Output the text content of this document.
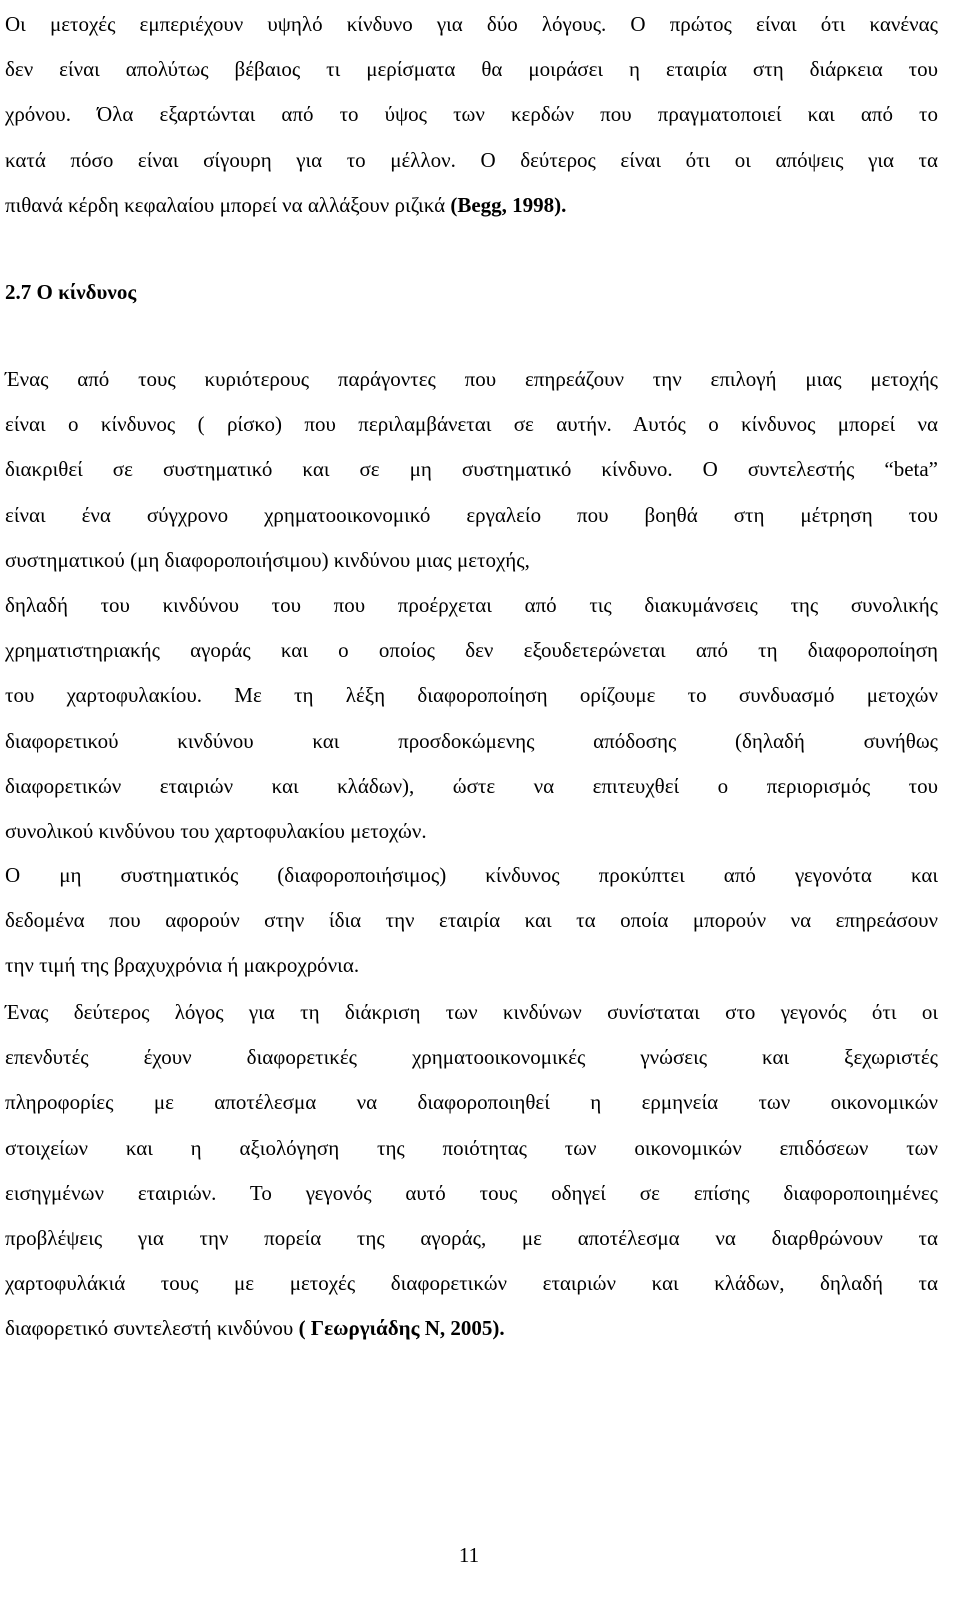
Οι μετοχές εμπεριέχουν υψηλό κίνδυνο για δύο λόγους. Ο πρώτος είναι ότι κανένας
δεν είναι απολύτως βέβαιος τι μερίσματα θα μοιράσει η εταιρία στη διάρκεια του
χρόνου. Όλα εξαρτώνται από το ύψος των κερδών που πραγματοποιεί και από το
κατά πόσο είναι σίγουρη για το μέλλον. Ο δεύτερος είναι ότι οι απόψεις για τα
πιθανά κέρδη κεφαλαίου μπορεί να αλλάξουν ριζικά (Begg, 1998).
2.7 Ο κίνδυνος
Ένας από τους κυριότερους παράγοντες που επηρεάζουν την επιλογή μιας μετοχής
είναι ο κίνδυνος ( ρίσκο) που περιλαμβάνεται σε αυτήν. Αυτός ο κίνδυνος μπορεί να
διακριθεί σε συστηματικό και σε μη συστηματικό κίνδυνο. Ο συντελεστής “beta”
είναι ένα σύγχρονο χρηματοοικονομικό εργαλείο που βοηθά στη μέτρηση του
συστηματικού (μη διαφοροποιήσιμου) κινδύνου μιας μετοχής,
δηλαδή του κινδύνου του που προέρχεται από τις διακυμάνσεις της συνολικής
χρηματιστηριακής αγοράς και ο οποίος δεν εξουδετερώνεται από τη διαφοροποίηση
του χαρτοφυλακίου. Με τη λέξη διαφοροποίηση ορίζουμε το συνδυασμό μετοχών
διαφορετικού κινδύνου και προσδοκώμενης απόδοσης (δηλαδή συνήθως
διαφορετικών εταιριών και κλάδων), ώστε να επιτευχθεί ο περιορισμός του
συνολικού κινδύνου του χαρτοφυλακίου μετοχών.
Ο μη συστηματικός (διαφοροποιήσιμος) κίνδυνος προκύπτει από γεγονότα και
δεδομένα που αφορούν στην ίδια την εταιρία και τα οποία μπορούν να επηρεάσουν
την τιμή της βραχυχρόνια ή μακροχρόνια.
Ένας δεύτερος λόγος για τη διάκριση των κινδύνων συνίσταται στο γεγονός ότι οι
επενδυτές έχουν διαφορετικές χρηματοοικονομικές γνώσεις και ξεχωριστές
πληροφορίες με αποτέλεσμα να διαφοροποιηθεί η ερμηνεία των οικονομικών
στοιχείων και η αξιολόγηση της ποιότητας των οικονομικών επιδόσεων των
εισηγμένων εταιριών. Το γεγονός αυτό τους οδηγεί σε επίσης διαφοροποιημένες
προβλέψεις για την πορεία της αγοράς, με αποτέλεσμα να διαρθρώνουν τα
χαρτοφυλάκιά τους με μετοχές διαφορετικών εταιριών και κλάδων, δηλαδή τα
διαφορετικό συντελεστή κινδύνου ( Γεωργιάδης Ν, 2005).
11
